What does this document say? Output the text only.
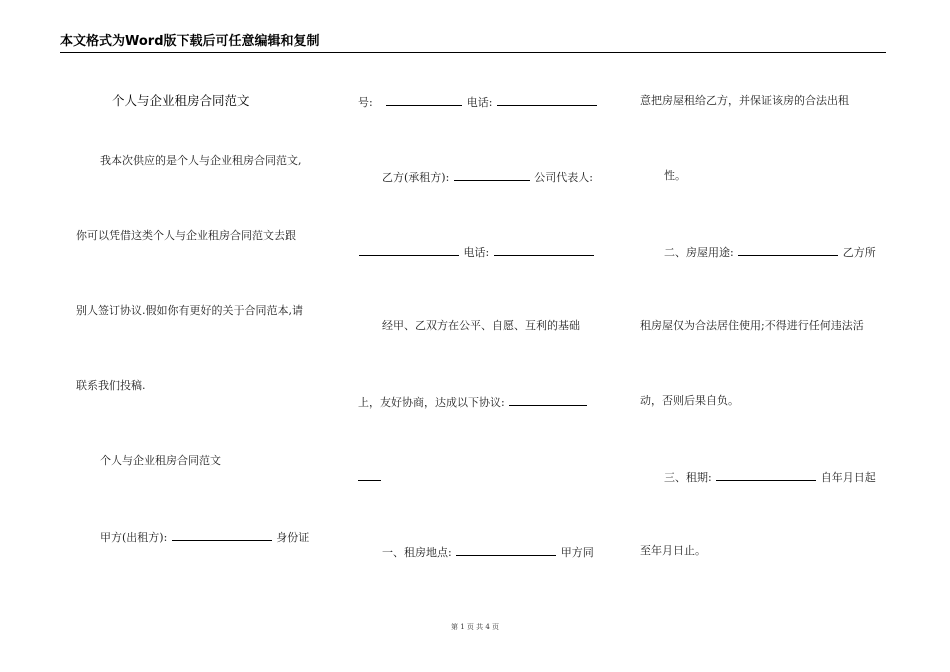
本文格式为Word版下载后可任意编辑和复制
个人与企业租房合同范文
我本次供应的是个人与企业租房合同范文,
你可以凭借这类个人与企业租房合同范文去跟
别人签订协议.假如你有更好的关于合同范本,请
联系我们投稿.
个人与企业租房合同范文
甲方(出租方):	身份证
号:	电话:
乙方(承租方):	公司代表人:
电话:
经甲、乙双方在公平、自愿、互利的基础
上，友好协商，达成以下协议:
一、租房地点:	甲方同
意把房屋租给乙方，并保证该房的合法出租
性。
二、房屋用途:	乙方所
租房屋仅为合法居住使用;不得进行任何违法活
动，否则后果自负。
三、租期:	自年月日起
至年月日止。
第 1 页 共 4 页
